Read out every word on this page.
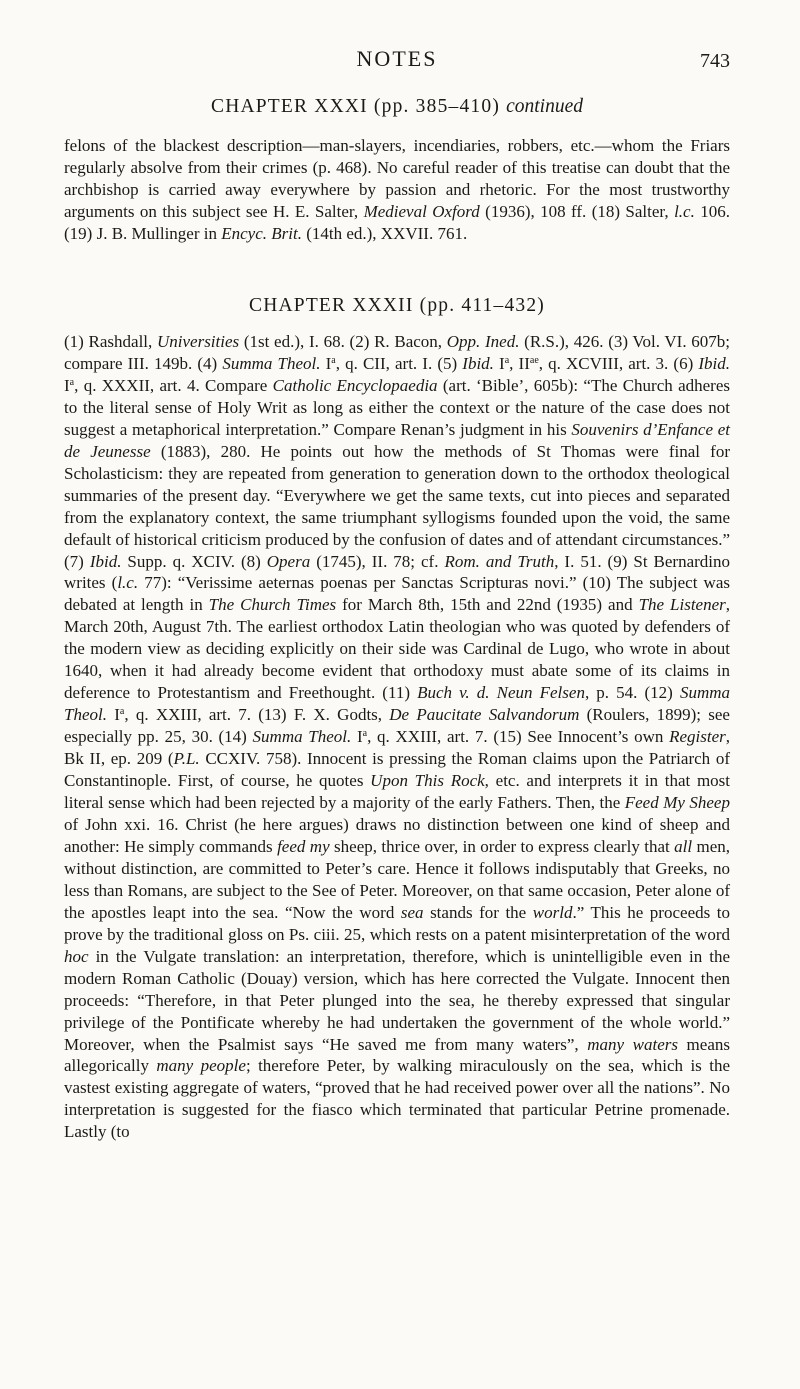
NOTES	743
CHAPTER XXXI (pp. 385–410) continued

felons of the blackest description—man-slayers, incendiaries, robbers, etc.—whom the Friars regularly absolve from their crimes (p. 468). No careful reader of this treatise can doubt that the archbishop is carried away everywhere by passion and rhetoric. For the most trustworthy arguments on this subject see H. E. Salter, Medieval Oxford (1936), 108 ff. (18) Salter, l.c. 106. (19) J. B. Mullinger in Encyc. Brit. (14th ed.), XXVII. 761.

CHAPTER XXXII (pp. 411–432)

(1) Rashdall, Universities (1st ed.), I. 68. (2) R. Bacon, Opp. Ined. (R.S.), 426. (3) Vol. VI. 607b; compare III. 149b. (4) Summa Theol. $I^a$, q. CII, art. I. (5) Ibid. $I^a$, $II^{ae}$, q. XCVIII, art. 3. (6) Ibid. $I^a$, q. XXXII, art. 4. Compare Catholic Encyclopaedia (art. ‘Bible’, 605b): “The Church adheres to the literal sense of Holy Writ as long as either the context or the nature of the case does not suggest a metaphorical interpretation.” Compare Renan’s judgment in his Souvenirs d’Enfance et de Jeunesse (1883), 280. He points out how the methods of St Thomas were final for Scholasticism: they are repeated from generation to generation down to the orthodox theological summaries of the present day. “Everywhere we get the same texts, cut into pieces and separated from the explanatory context, the same triumphant syllogisms founded upon the void, the same default of historical criticism produced by the confusion of dates and of attendant circumstances.” (7) Ibid. Supp. q. XCIV. (8) Opera (1745), II. 78; cf. Rom. and Truth, I. 51. (9) St Bernardino writes (l.c. 77): “Verissime aeternas poenas per Sanctas Scripturas novi.” (10) The subject was debated at length in The Church Times for March 8th, 15th and 22nd (1935) and The Listener, March 20th, August 7th. The earliest orthodox Latin theologian who was quoted by defenders of the modern view as deciding explicitly on their side was Cardinal de Lugo, who wrote in about 1640, when it had already become evident that orthodoxy must abate some of its claims in deference to Protestantism and Freethought. (11) Buch v. d. Neun Felsen, p. 54. (12) Summa Theol. $I^a$, q. XXIII, art. 7. (13) F. X. Godts, De Paucitate Salvandorum (Roulers, 1899); see especially pp. 25, 30. (14) Summa Theol. $I^a$, q. XXIII, art. 7. (15) See Innocent’s own Register, Bk II, ep. 209 (P.L. CCXIV. 758). Innocent is pressing the Roman claims upon the Patriarch of Constantinople. First, of course, he quotes Upon This Rock, etc. and interprets it in that most literal sense which had been rejected by a majority of the early Fathers. Then, the Feed My Sheep of John xxi. 16. Christ (he here argues) draws no distinction between one kind of sheep and another: He simply commands feed my sheep, thrice over, in order to express clearly that all men, without distinction, are committed to Peter’s care. Hence it follows indisputably that Greeks, no less than Romans, are subject to the See of Peter. Moreover, on that same occasion, Peter alone of the apostles leapt into the sea. “Now the word sea stands for the world.” This he proceeds to prove by the traditional gloss on Ps. ciii. 25, which rests on a patent misinterpretation of the word hoc in the Vulgate translation: an interpretation, therefore, which is unintelligible even in the modern Roman Catholic (Douay) version, which has here corrected the Vulgate. Innocent then proceeds: “Therefore, in that Peter plunged into the sea, he thereby expressed that singular privilege of the Pontificate whereby he had undertaken the government of the whole world.” Moreover, when the Psalmist says “He saved me from many waters”, many waters means allegorically many people; therefore Peter, by walking miraculously on the sea, which is the vastest existing aggregate of waters, “proved that he had received power over all the nations”. No interpretation is suggested for the fiasco which terminated that particular Petrine promenade. Lastly (to
